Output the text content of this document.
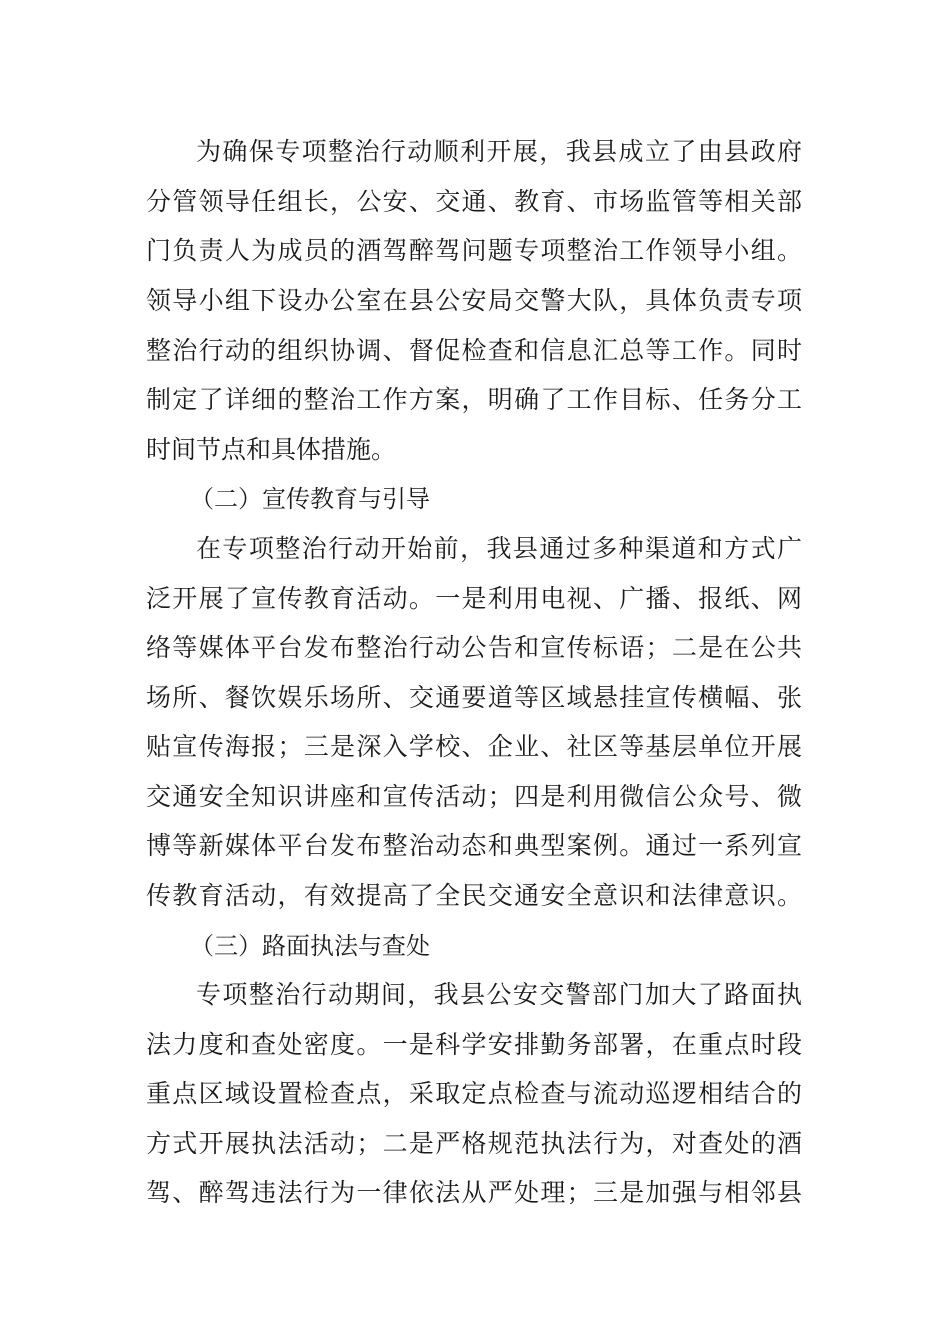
为确保专项整治行动顺利开展，我县成立了由县政府
分管领导任组长，公安、交通、教育、市场监管等相关部
门负责人为成员的酒驾醉驾问题专项整治工作领导小组。
领导小组下设办公室在县公安局交警大队，具体负责专项
整治行动的组织协调、督促检查和信息汇总等工作。同时
制定了详细的整治工作方案，明确了工作目标、任务分工
时间节点和具体措施。
（二）宣传教育与引导
在专项整治行动开始前，我县通过多种渠道和方式广
泛开展了宣传教育活动。一是利用电视、广播、报纸、网
络等媒体平台发布整治行动公告和宣传标语；二是在公共
场所、餐饮娱乐场所、交通要道等区域悬挂宣传横幅、张
贴宣传海报；三是深入学校、企业、社区等基层单位开展
交通安全知识讲座和宣传活动；四是利用微信公众号、微
博等新媒体平台发布整治动态和典型案例。通过一系列宣
传教育活动，有效提高了全民交通安全意识和法律意识。
（三）路面执法与查处
专项整治行动期间，我县公安交警部门加大了路面执
法力度和查处密度。一是科学安排勤务部署，在重点时段
重点区域设置检查点，采取定点检查与流动巡逻相结合的
方式开展执法活动；二是严格规范执法行为，对查处的酒
驾、醉驾违法行为一律依法从严处理；三是加强与相邻县
